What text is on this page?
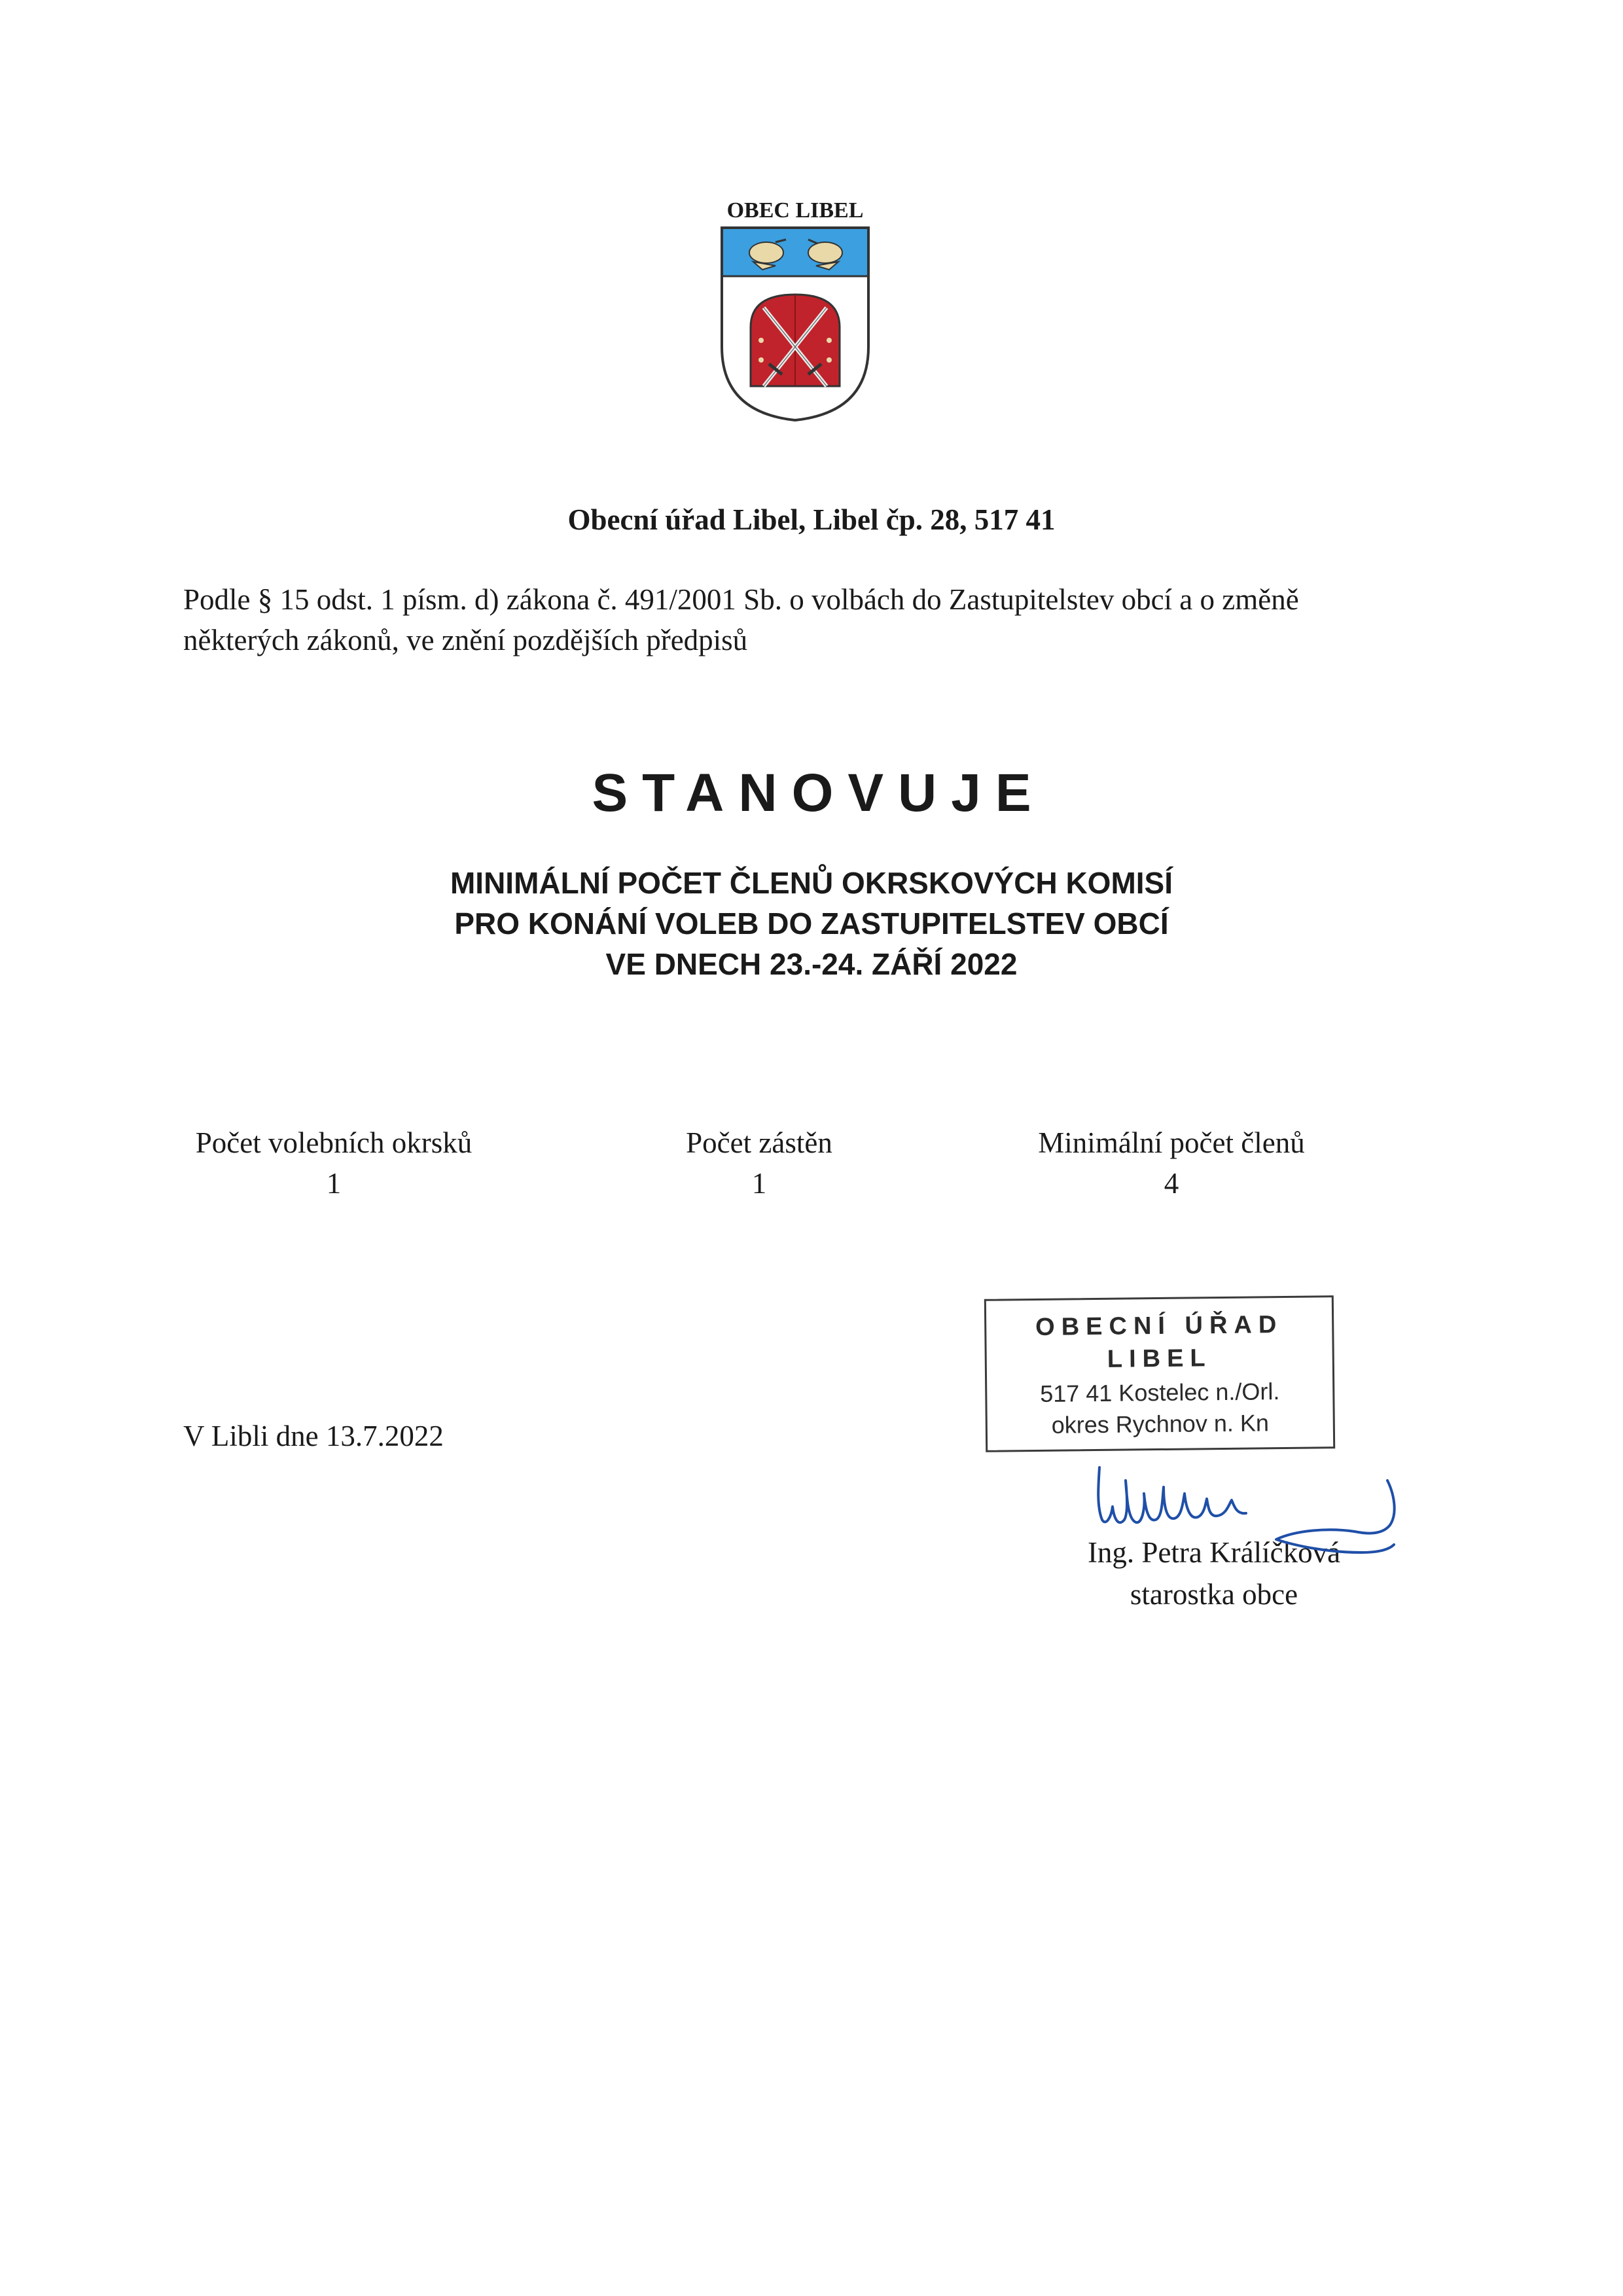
OBEC LIBEL
Obecní úřad Libel, Libel čp. 28, 517 41
Podle § 15 odst. 1 písm. d) zákona č. 491/2001 Sb. o volbách do Zastupitelstev obcí a o změně
některých zákonů, ve znění pozdějších předpisů
STANOVUJE
MINIMÁLNÍ POČET ČLENŮ OKRSKOVÝCH KOMISÍ
PRO KONÁNÍ VOLEB DO ZASTUPITELSTEV OBCÍ
VE DNECH 23.-24. ZÁŘÍ 2022
Počet volebních okrsků
1
Počet zástěn
1
Minimální počet členů
4
V Libli dne 13.7.2022
OBECNÍ ÚŘAD
LIBEL
517 41 Kostelec n./Orl.
okres Rychnov n. Kn
Ing. Petra Králíčková
starostka obce
